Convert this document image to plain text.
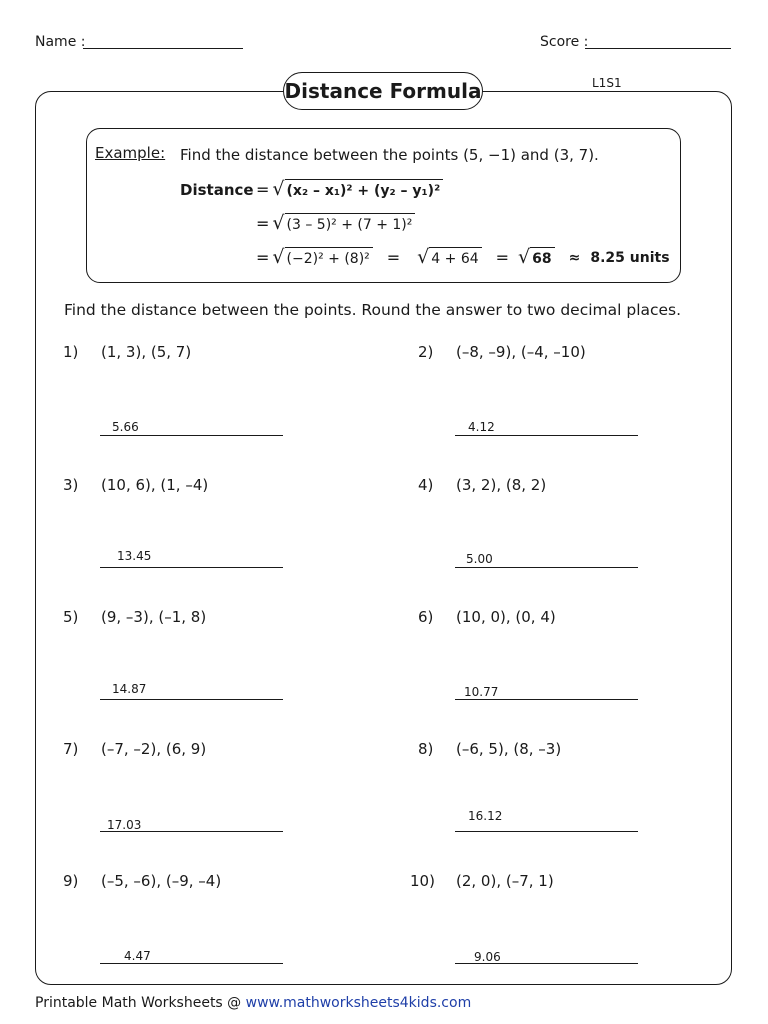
Name :	Score :
Distance Formula	L1S1
Example: Find the distance between the points (5, −1) and (3, 7).
Distance = √ (x₂ – x₁)² + (y₂ – y₁)²
= √ (3 – 5)² + (7 + 1)²
= √ (−2)² + (8)² = √ 4 + 64 = √ 68 ≈ 8.25 units
Find the distance between the points. Round the answer to two decimal places.
1) (1, 3), (5, 7)
5.66
2) (–8, –9), (–4, –10)
4.12
3) (10, 6), (1, –4)
13.45
4) (3, 2), (8, 2)
5.00
5) (9, –3), (–1, 8)
14.87
6) (10, 0), (0, 4)
10.77
7) (–7, –2), (6, 9)
17.03
8) (–6, 5), (8, –3)
16.12
9) (–5, –6), (–9, –4)
4.47
10) (2, 0), (–7, 1)
9.06
Printable Math Worksheets @ www.mathworksheets4kids.com
